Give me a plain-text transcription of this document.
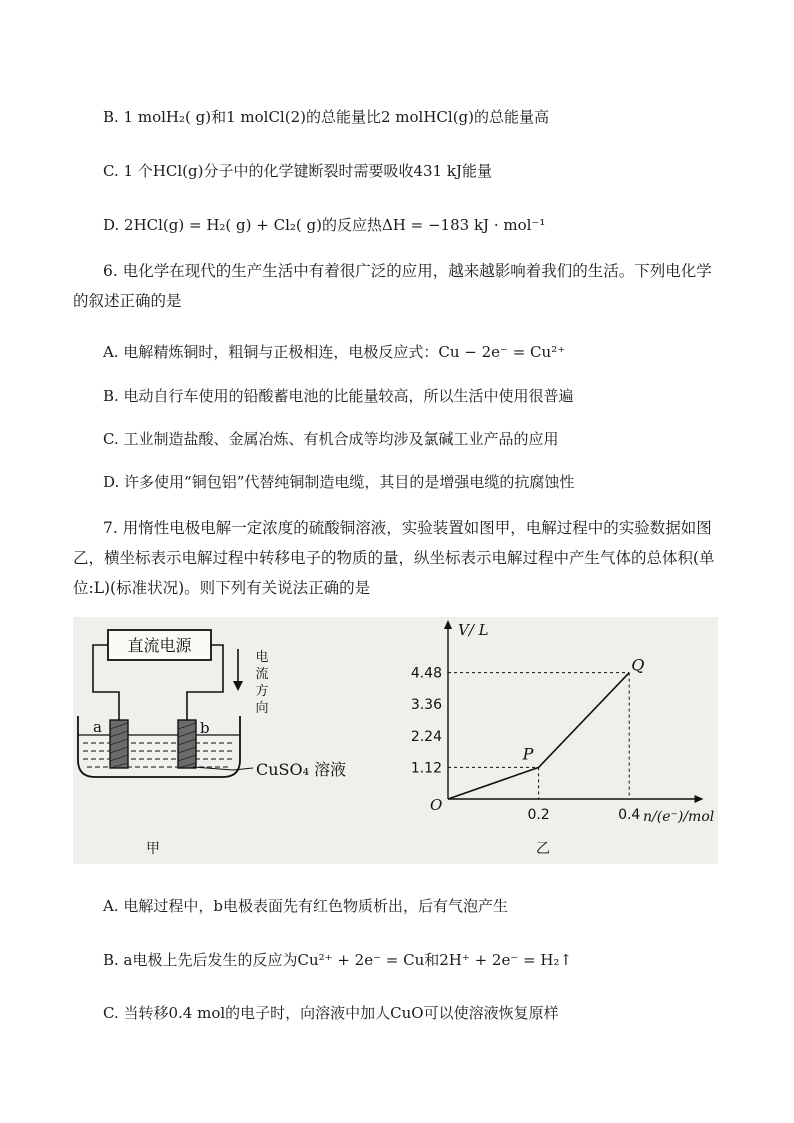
B. 1 molH₂( g)和1 molCl(2)的总能量比2 molHCl(g)的总能量高
C. 1 个HCl(g)分子中的化学键断裂时需要吸收431 kJ能量
D. 2HCl(g) = H₂( g) + Cl₂( g)的反应热ΔH = −183 kJ · mol⁻¹
6. 电化学在现代的生产生活中有着很广泛的应用，越来越影响着我们的生活。下列电化学
的叙述正确的是
A. 电解精炼铜时，粗铜与正极相连，电极反应式：Cu − 2e⁻ = Cu²⁺
B. 电动自行车使用的铅酸蓄电池的比能量较高，所以生活中使用很普遍
C. 工业制造盐酸、金属冶炼、有机合成等均涉及氯碱工业产品的应用
D. 许多使用“铜包铝”代替纯铜制造电缆，其目的是增强电缆的抗腐蚀性
7. 用惰性电极电解一定浓度的硫酸铜溶液，实验装置如图甲，电解过程中的实验数据如图
乙，横坐标表示电解过程中转移电子的物质的量，纵坐标表示电解过程中产生气体的总体积(单
位:L)(标准状况)。则下列有关说法正确的是
直流电源
电
流
方
向
a	b
CuSO₄ 溶液
甲
V/ L
n/(e⁻)/mol
O
1.12
2.24
3.36
4.48
0.2	0.4
P
Q
乙
A. 电解过程中，b电极表面先有红色物质析出，后有气泡产生
B. a电极上先后发生的反应为Cu²⁺ + 2e⁻ = Cu和2H⁺ + 2e⁻ = H₂↑
C. 当转移0.4 mol的电子时，向溶液中加人CuO可以使溶液恢复原样
